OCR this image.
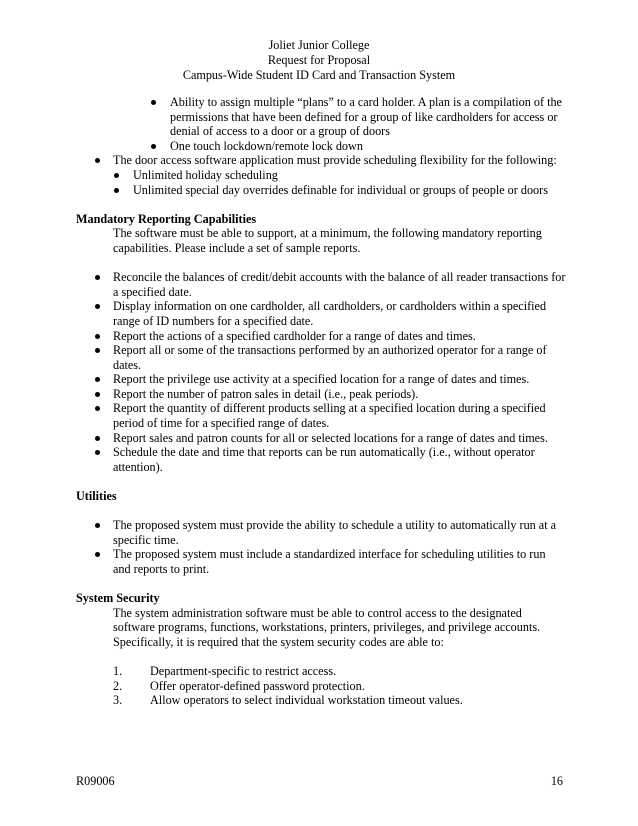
Joliet Junior College
Request for Proposal
Campus-Wide Student ID Card and Transaction System
Ability to assign multiple “plans” to a card holder. A plan is a compilation of the permissions that have been defined for a group of like cardholders for access or denial of access to a door or a group of doors
One touch lockdown/remote lock down
The door access software application must provide scheduling flexibility for the following:
Unlimited holiday scheduling
Unlimited special day overrides definable for individual or groups of people or doors
Mandatory Reporting Capabilities
The software must be able to support, at a minimum, the following mandatory reporting capabilities. Please include a set of sample reports.
Reconcile the balances of credit/debit accounts with the balance of all reader transactions for a specified date.
Display information on one cardholder, all cardholders, or cardholders within a specified range of ID numbers for a specified date.
Report the actions of a specified cardholder for a range of dates and times.
Report all or some of the transactions performed by an authorized operator for a range of dates.
Report the privilege use activity at a specified location for a range of dates and times.
Report the number of patron sales in detail (i.e., peak periods).
Report the quantity of different products selling at a specified location during a specified period of time for a specified range of dates.
Report sales and patron counts for all or selected locations for a range of dates and times.
Schedule the date and time that reports can be run automatically (i.e., without operator attention).
Utilities
The proposed system must provide the ability to schedule a utility to automatically run at a specific time.
The proposed system must include a standardized interface for scheduling utilities to run and reports to print.
System Security
The system administration software must be able to control access to the designated software programs, functions, workstations, printers, privileges, and privilege accounts. Specifically, it is required that the system security codes are able to:
1. Department-specific to restrict access.
2. Offer operator-defined password protection.
3. Allow operators to select individual workstation timeout values.
R09006	16
